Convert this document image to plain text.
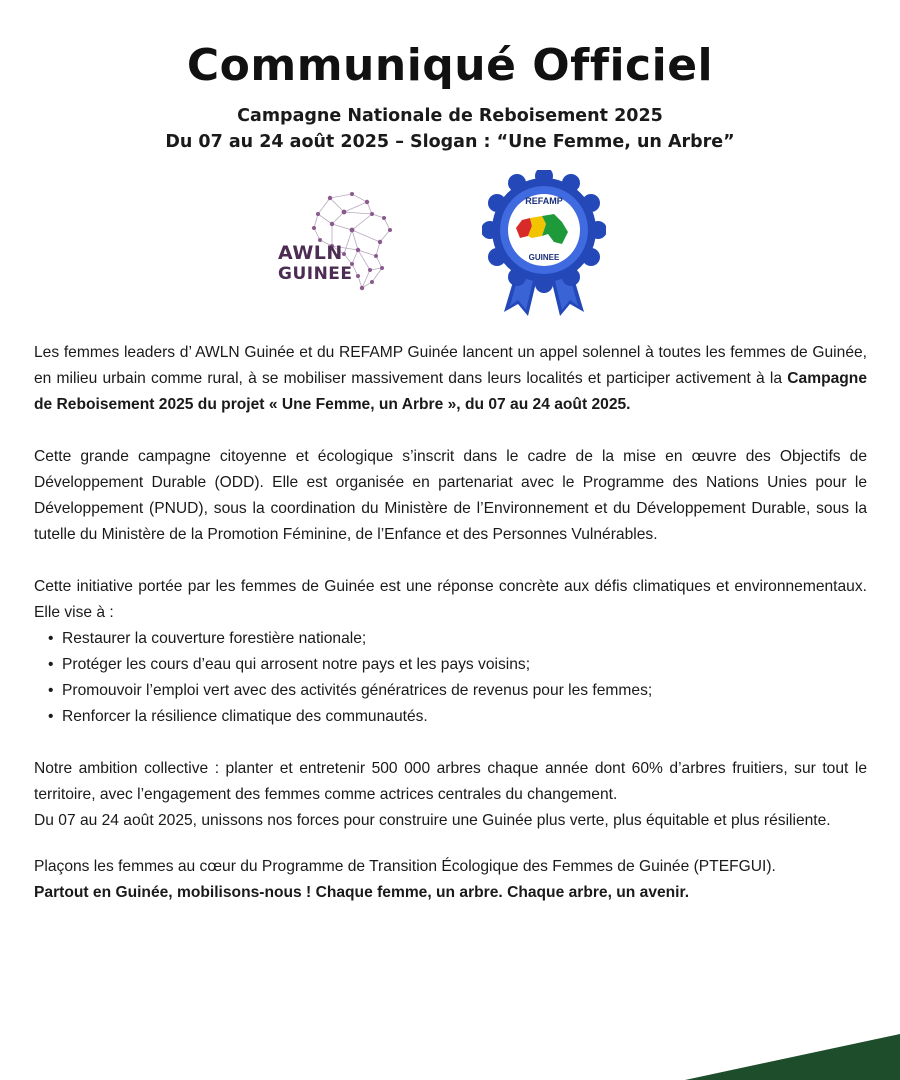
Communiqué Officiel
Campagne Nationale de Reboisement 2025
Du 07 au 24 août 2025 – Slogan : “Une Femme, un Arbre”
AWLN
GUINEE
REFAMP
GUINEE

Les femmes leaders d’ AWLN Guinée et du REFAMP Guinée lancent un appel solennel à toutes les femmes de Guinée, en milieu urbain comme rural, à se mobiliser massivement dans leurs localités et participer activement à la Campagne de Reboisement 2025 du projet « Une Femme, un Arbre », du 07 au 24 août 2025.

Cette grande campagne citoyenne et écologique s’inscrit dans le cadre de la mise en œuvre des Objectifs de Développement Durable (ODD). Elle est organisée en partenariat avec le Programme des Nations Unies pour le Développement (PNUD), sous la coordination du Ministère de l’Environnement et du Développement Durable, sous la tutelle du Ministère de la Promotion Féminine, de l’Enfance et des Personnes Vulnérables.

Cette initiative portée par les femmes de Guinée est une réponse concrète aux défis climatiques et environnementaux. Elle vise à :

• Restaurer la couverture forestière nationale;
• Protéger les cours d’eau qui arrosent notre pays et les pays voisins;
• Promouvoir l’emploi vert avec des activités génératrices de revenus pour les femmes;
• Renforcer la résilience climatique des communautés.

Notre ambition collective : planter et entretenir 500 000 arbres chaque année dont 60% d’arbres fruitiers, sur tout le territoire, avec l’engagement des femmes comme actrices centrales du changement.

Du 07 au 24 août 2025, unissons nos forces pour construire une Guinée plus verte, plus équitable et plus résiliente.

Plaçons les femmes au cœur du Programme de Transition Écologique des Femmes de Guinée (PTEFGUI).

Partout en Guinée, mobilisons-nous ! Chaque femme, un arbre. Chaque arbre, un avenir.
